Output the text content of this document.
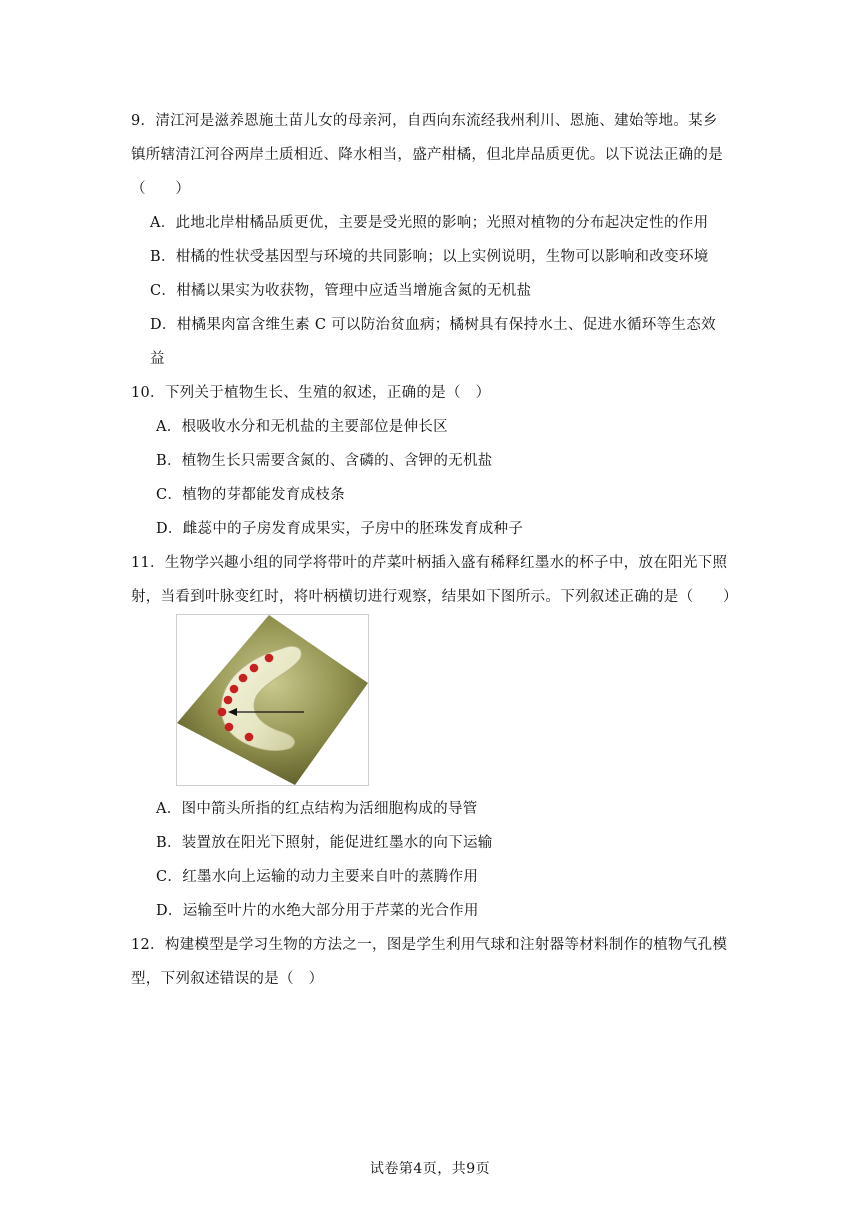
9．清江河是滋养恩施土苗儿女的母亲河，自西向东流经我州利川、恩施、建始等地。某乡
镇所辖清江河谷两岸土质相近、降水相当，盛产柑橘，但北岸品质更优。以下说法正确的是
（　　）
A．此地北岸柑橘品质更优，主要是受光照的影响；光照对植物的分布起决定性的作用
B．柑橘的性状受基因型与环境的共同影响；以上实例说明，生物可以影响和改变环境
C．柑橘以果实为收获物，管理中应适当增施含氮的无机盐
D．柑橘果肉富含维生素 C 可以防治贫血病；橘树具有保持水土、促进水循环等生态效
益
10．下列关于植物生长、生殖的叙述，正确的是（　）
A．根吸收水分和无机盐的主要部位是伸长区
B．植物生长只需要含氮的、含磷的、含钾的无机盐
C．植物的芽都能发育成枝条
D．雌蕊中的子房发育成果实，子房中的胚珠发育成种子
11．生物学兴趣小组的同学将带叶的芹菜叶柄插入盛有稀释红墨水的杯子中，放在阳光下照
射，当看到叶脉变红时，将叶柄横切进行观察，结果如下图所示。下列叙述正确的是（　　）
A．图中箭头所指的红点结构为活细胞构成的导管
B．装置放在阳光下照射，能促进红墨水的向下运输
C．红墨水向上运输的动力主要来自叶的蒸腾作用
D．运输至叶片的水绝大部分用于芹菜的光合作用
12．构建模型是学习生物的方法之一，图是学生利用气球和注射器等材料制作的植物气孔模
型，下列叙述错误的是（　）
试卷第4页，共9页
